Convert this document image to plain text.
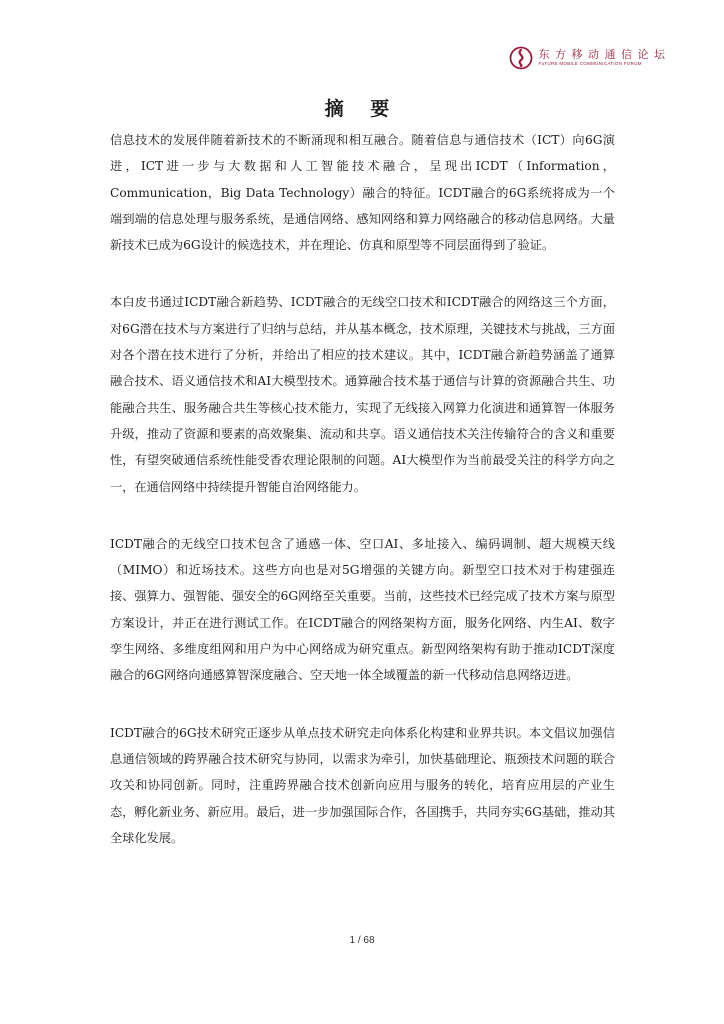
东 方 移 动 通 信 论 坛
FuTURE MOBILE COMMUNICATION FORUM
摘 要

信息技术的发展伴随着新技术的不断涌现和相互融合。随着信息与通信技术（ICT）向6G演进，ICT进一步与大数据和人工智能技术融合，呈现出ICDT（Information，Communication，Big Data Technology）融合的特征。ICDT融合的6G系统将成为一个端到端的信息处理与服务系统，是通信网络、感知网络和算力网络融合的移动信息网络。大量新技术已成为6G设计的候选技术，并在理论、仿真和原型等不同层面得到了验证。

本白皮书通过ICDT融合新趋势、ICDT融合的无线空口技术和ICDT融合的网络这三个方面，对6G潜在技术与方案进行了归纳与总结，并从基本概念，技术原理，关键技术与挑战，三方面对各个潜在技术进行了分析，并给出了相应的技术建议。其中，ICDT融合新趋势涵盖了通算融合技术、语义通信技术和AI大模型技术。通算融合技术基于通信与计算的资源融合共生、功能融合共生、服务融合共生等核心技术能力，实现了无线接入网算力化演进和通算智一体服务升级，推动了资源和要素的高效聚集、流动和共享。语义通信技术关注传输符合的含义和重要性，有望突破通信系统性能受香农理论限制的问题。AI大模型作为当前最受关注的科学方向之一，在通信网络中持续提升智能自治网络能力。

ICDT融合的无线空口技术包含了通感一体、空口AI、多址接入、编码调制、超大规模天线（MIMO）和近场技术。这些方向也是对5G增强的关键方向。新型空口技术对于构建强连接、强算力、强智能、强安全的6G网络至关重要。当前，这些技术已经完成了技术方案与原型方案设计，并正在进行测试工作。在ICDT融合的网络架构方面，服务化网络、内生AI、数字孪生网络、多维度组网和用户为中心网络成为研究重点。新型网络架构有助于推动ICDT深度融合的6G网络向通感算智深度融合、空天地一体全域覆盖的新一代移动信息网络迈进。

ICDT融合的6G技术研究正逐步从单点技术研究走向体系化构建和业界共识。本文倡议加强信息通信领域的跨界融合技术研究与协同，以需求为牵引，加快基础理论、瓶颈技术问题的联合攻关和协同创新。同时，注重跨界融合技术创新向应用与服务的转化，培育应用层的产业生态，孵化新业务、新应用。最后，进一步加强国际合作，各国携手，共同夯实6G基础，推动其全球化发展。

1 / 68
